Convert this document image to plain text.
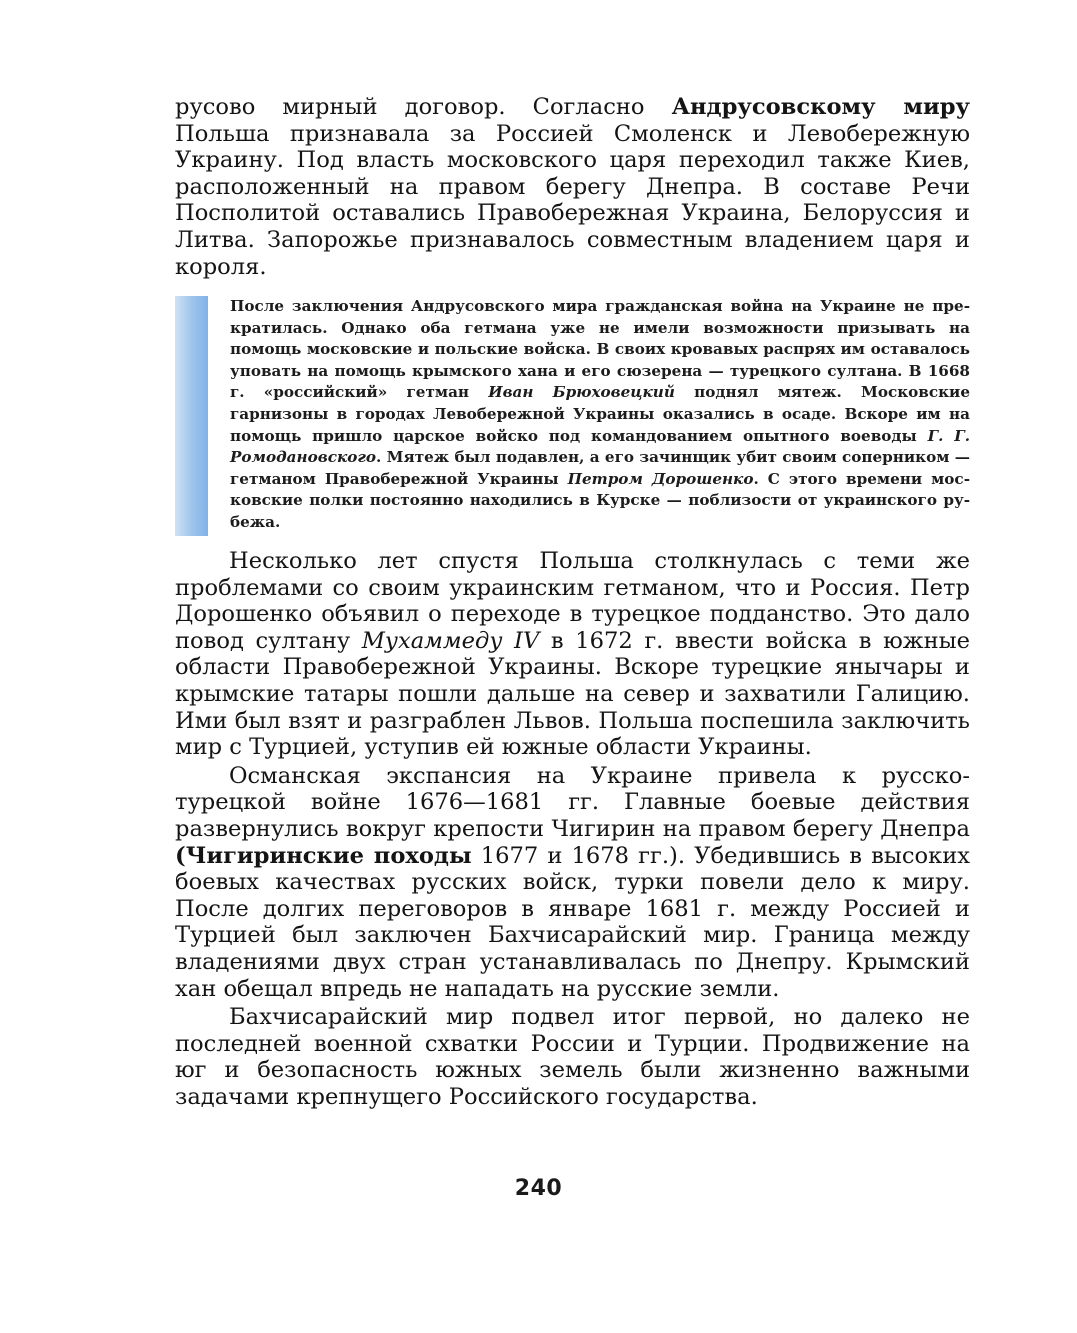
русово мирный договор. Согласно Андрусовскому миру Польша признавала за Россией Смоленск и Левобережную Украину. Под власть московского царя переходил также Киев, расположенный на правом берегу Днепра. В составе Речи Посполитой оставались Правобережная Украина, Белоруссия и Литва. Запорожье признавалось совместным владением царя и короля.

После заключения Андрусовского мира гражданская война на Украине не прекратилась. Однако оба гетмана уже не имели возможности призывать на помощь московские и польские войска. В своих кровавых распрях им оставалось уповать на помощь крымского хана и его сюзерена — турецкого султана. В 1668 г. «российский» гетман Иван Брюховецкий поднял мятеж. Московские гарнизоны в городах Левобережной Украины оказались в осаде. Вскоре им на помощь пришло царское войско под командованием опытного воеводы Г. Г. Ромодановского. Мятеж был подавлен, а его зачинщик убит своим соперником — гетманом Правобережной Украины Петром Дорошенко. С этого времени московские полки постоянно находились в Курске — поблизости от украинского рубежа.

Несколько лет спустя Польша столкнулась с теми же проблемами со своим украинским гетманом, что и Россия. Петр Дорошенко объявил о переходе в турецкое подданство. Это дало повод султану Мухаммеду IV в 1672 г. ввести войска в южные области Правобережной Украины. Вскоре турецкие янычары и крымские татары пошли дальше на север и захватили Галицию. Ими был взят и разграблен Львов. Польша поспешила заключить мир с Турцией, уступив ей южные области Украины.

Османская экспансия на Украине привела к русско-турецкой войне 1676—1681 гг. Главные боевые действия развернулись вокруг крепости Чигирин на правом берегу Днепра (Чигиринские походы 1677 и 1678 гг.). Убедившись в высоких боевых качествах русских войск, турки повели дело к миру. После долгих переговоров в январе 1681 г. между Россией и Турцией был заключен Бахчисарайский мир. Граница между владениями двух стран устанавливалась по Днепру. Крымский хан обещал впредь не нападать на русские земли.

Бахчисарайский мир подвел итог первой, но далеко не последней военной схватки России и Турции. Продвижение на юг и безопасность южных земель были жизненно важными задачами крепнущего Российского государства.

240
